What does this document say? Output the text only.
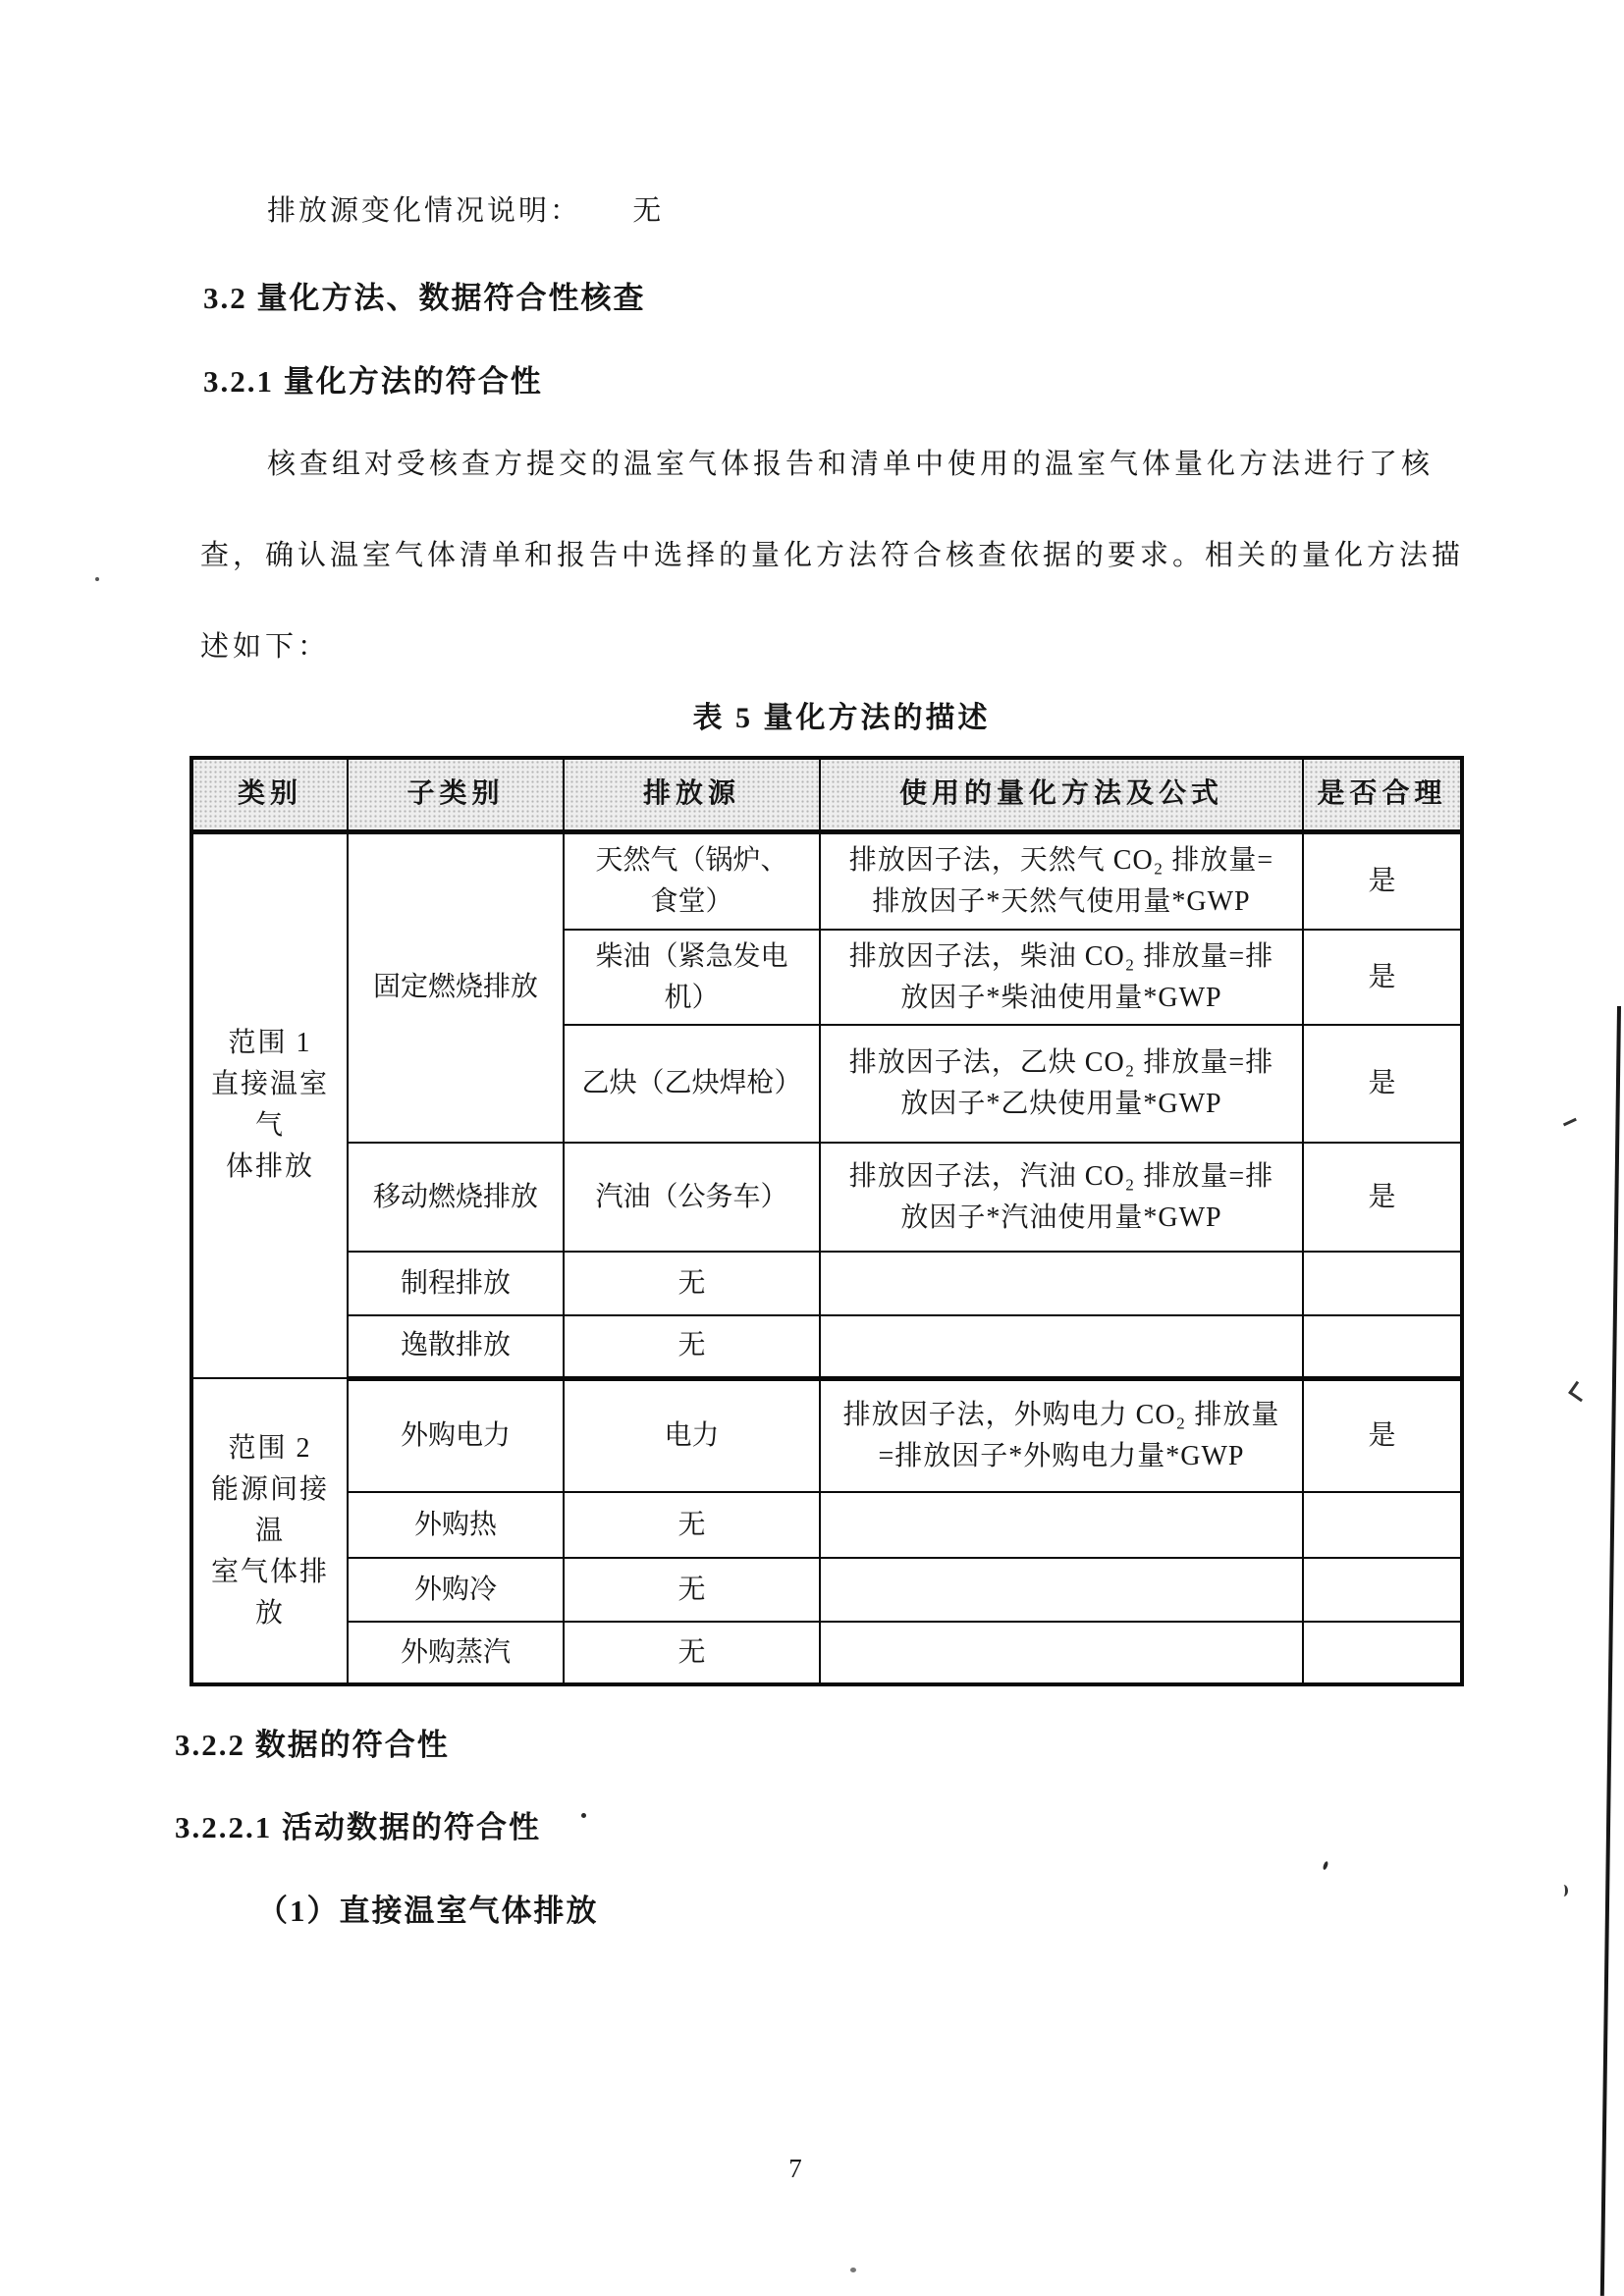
排放源变化情况说明： 无
3.2 量化方法、数据符合性核查
3.2.1 量化方法的符合性
核查组对受核查方提交的温室气体报告和清单中使用的温室气体量化方法进行了核
查，确认温室气体清单和报告中选择的量化方法符合核查依据的要求。相关的量化方法描
述如下：
表 5 量化方法的描述
类别	子类别	排放源	使用的量化方法及公式	是否合理

范围 1
直接温室气
体排放	固定燃烧排放	天然气（锅炉、
食堂）	排放因子法，天然气 CO₂ 排放量=
排放因子*天然气使用量*GWP	是

		柴油（紧急发电
机）	排放因子法，柴油 CO₂ 排放量=排
放因子*柴油使用量*GWP	是

		乙炔（乙炔焊枪）	排放因子法，乙炔 CO₂ 排放量=排
放因子*乙炔使用量*GWP	是
	移动燃烧排放	汽油（公务车）	排放因子法，汽油 CO₂ 排放量=排
放因子*汽油使用量*GWP	是
	制程排放	无		
	逸散排放	无		

范围 2
能源间接温
室气体排放	外购电力	电力	排放因子法，外购电力 CO₂ 排放量
=排放因子*外购电力量*GWP	是
	外购热	无		
	外购冷	无		
	外购蒸汽	无		
3.2.2 数据的符合性
3.2.2.1 活动数据的符合性
（1）直接温室气体排放
7
